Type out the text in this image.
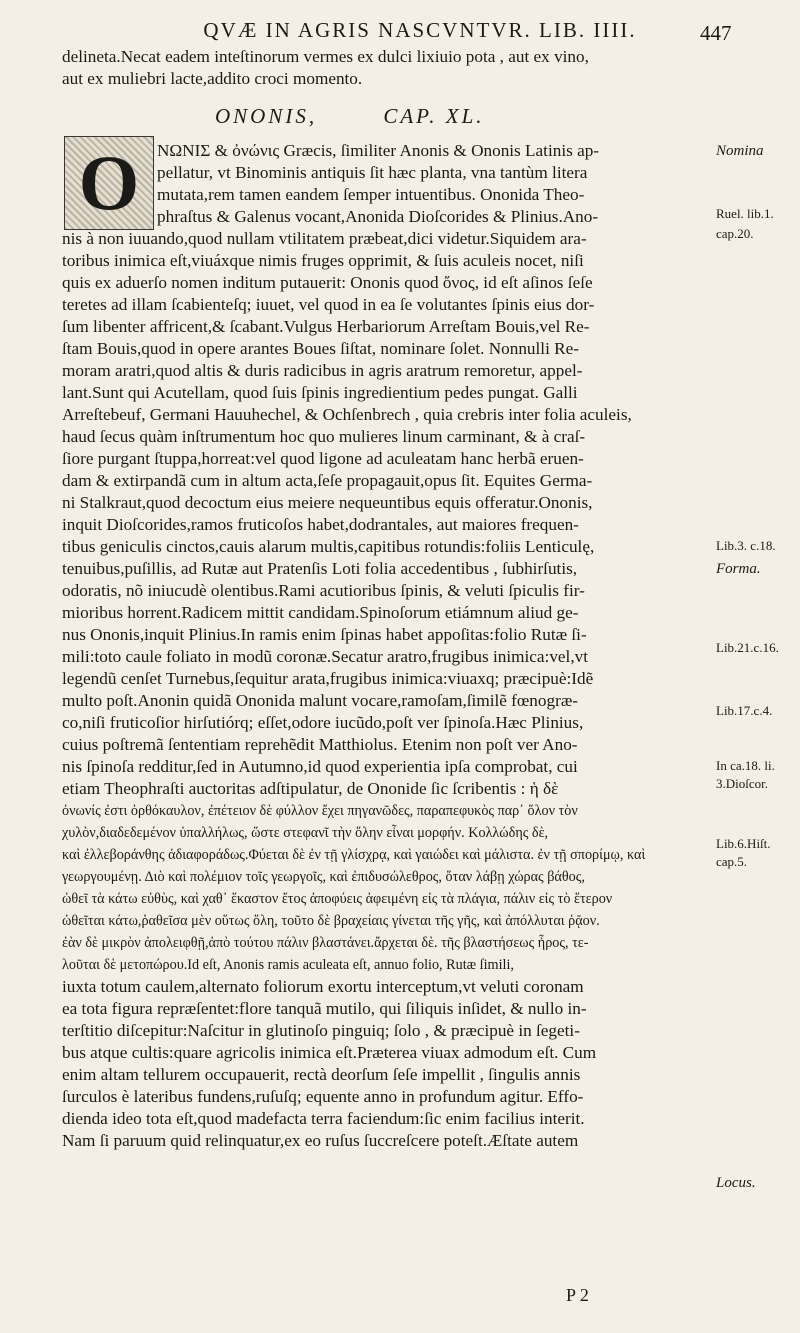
QVÆ IN AGRIS NASCVNTVR. LIB. IIII.	447
delineta.Necat eadem inteſtinorum vermes ex dulci lixiuio pota , aut ex vino,
aut ex muliebri lacte,addito croci momento.
ONONIS,	CAP. XL.
O	ΝΩΝΙΣ & ὀνώνις Græcis, ſimiliter Anonis & Ononis Latinis ap-
pellatur, vt Binominis antiquis ſit hæc planta, vna tantùm litera
mutata,rem tamen eandem ſemper intuentibus. Ononida Theo-
phraſtus & Galenus vocant,Anonida Dioſcorides & Plinius.Ano-
nis à non iuuando,quod nullam vtilitatem præbeat,dici videtur.Siquidem ara-
toribus inimica eſt,viuáxque nimis fruges opprimit, & ſuis aculeis nocet, niſi
quis ex aduerſo nomen inditum putauerit: Ononis quod ὄνος, id eſt aſinos ſeſe
teretes ad illam ſcabienteſq; iuuet, vel quod in ea ſe volutantes ſpinis eius dor-
ſum libenter affricent,& ſcabant.Vulgus Herbariorum Arreſtam Bouis,vel Re-
ſtam Bouis,quod in opere arantes Boues ſiſtat, nominare ſolet. Nonnulli Re-
moram aratri,quod altis & duris radicibus in agris aratrum remoretur, appel-
lant.Sunt qui Acutellam, quod ſuis ſpinis ingredientium pedes pungat. Galli
Arreſtebeuf, Germani Hauuhechel, & Ochſenbrech , quia crebris inter folia aculeis,
haud ſecus quàm inſtrumentum hoc quo mulieres linum carminant, & à craſ-
ſiore purgant ſtuppa,horreat:vel quod ligone ad aculeatam hanc herbã eruen-
dam & extirpandã cum in altum acta,ſeſe propagauit,opus ſit. Equites Germa-
ni Stalkraut,quod decoctum eius meiere nequeuntibus equis offeratur.Ononis,
inquit Dioſcorides,ramos fruticoſos habet,dodrantales, aut maiores frequen-
tibus geniculis cinctos,cauis alarum multis,capitibus rotundis:foliis Lenticulę,
tenuibus,puſillis, ad Rutæ aut Pratenſis Loti folia accedentibus , ſubhirſutis,
odoratis, nõ iniucudè olentibus.Rami acutioribus ſpinis, & veluti ſpiculis fir-
mioribus horrent.Radicem mittit candidam.Spinoſorum etiámnum aliud ge-
nus Ononis,inquit Plinius.In ramis enim ſpinas habet appoſitas:folio Rutæ ſi-
mili:toto caule foliato in modũ coronæ.Secatur aratro,frugibus inimica:vel,vt
legendũ cenſet Turnebus,ſequitur arata,frugibus inimica:viuaxq; præcipuè:Idẽ
multo poſt.Anonin quidã Ononida malunt vocare,ramoſam,ſimilẽ fœnogræ-
co,niſi fruticoſior hirſutiórq; eſſet,odore iucũdo,poſt ver ſpinoſa.Hæc Plinius,
cuius poſtremã ſententiam reprehẽdit Matthiolus. Etenim non poſt ver Ano-
nis ſpinoſa redditur,ſed in Autumno,id quod experientia ipſa comprobat, cui
etiam Theophraſti auctoritas adſtipulatur, de Ononide ſic ſcribentis : ἡ δὲ
ὀνωνίς ἐστι ὀρθόκαυλον, ἐπέτειον δὲ φύλλον ἔχει πηγανῶδες, παραπεφυκὸς παρ᾽ ὅλον τὸν
χυλὸν,διαδεδεμένον ὑπαλλήλως, ὥστε στεφανῖ τὴν ὅλην εἶναι μορφήν. Κολλώδης δὲ,
καὶ ἐλλεβοράνθης ἀδιαφοράδως.Φύεται δὲ ἐν τῇ γλίσχρᾳ, καὶ γαιώδει καὶ μάλιστα. ἐν τῇ σπορίμῳ, καὶ
γεωργουμένῃ. Διὸ καὶ πολέμιον τοῖς γεωργοῖς, καὶ ἐπιδυσώλεθρος, ὅταν λάβῃ χώρας βάθος,
ὠθεῖ τὰ κάτω εὐθὺς, καὶ χαθ᾽ ἕκαστον ἔτος ἀποφύεις ἀφειμένη εἰς τὰ πλάγια, πάλιν εἰς τὸ ἕτερον
ὠθεῖται κάτω,ῥαθεῖσα μὲν οὕτως ὅλη, τοῦτο δὲ βραχείαις γίνεται τῆς γῆς, καὶ ἀπόλλυται ῥᾷον.
ἐὰν δὲ μικρὸν ἀπολειφθῇ,ἀπὸ τούτου πάλιν βλαστάνει.ἄρχεται δὲ. τῆς βλαστήσεως ἦρος, τε-
λοῦται δὲ μετοπώρου.Id eſt, Anonis ramis aculeata eſt, annuo folio, Rutæ ſimili,
iuxta totum caulem,alternato foliorum exortu interceptum,vt veluti coronam
ea tota figura repræſentet:flore tanquã mutilo, qui ſiliquis inſidet, & nullo in-
terſtitio diſcepitur:Naſcitur in glutinoſo pinguiq; ſolo , & præcipuè in ſegeti-
bus atque cultis:quare agricolis inimica eſt.Præterea viuax admodum eſt. Cum
enim altam tellurem occupauerit, rectà deorſum ſeſe impellit , ſingulis annis
ſurculos è lateribus fundens,ruſuſq; equente anno in profundum agitur. Effo-
dienda ideo tota eſt,quod madefacta terra faciendum:ſic enim facilius interit.
Nam ſi paruum quid relinquatur,ex eo ruſus ſuccreſcere poteſt.Æſtate autem
Nomina
Ruel. lib.1.
cap.20.
Lib.3. c.18.
Forma.
Lib.21.c.16.
Lib.17.c.4.
In ca.18. li.
3.Dioſcor.
Lib.6.Hiſt.
cap.5.
Locus.
P 2
